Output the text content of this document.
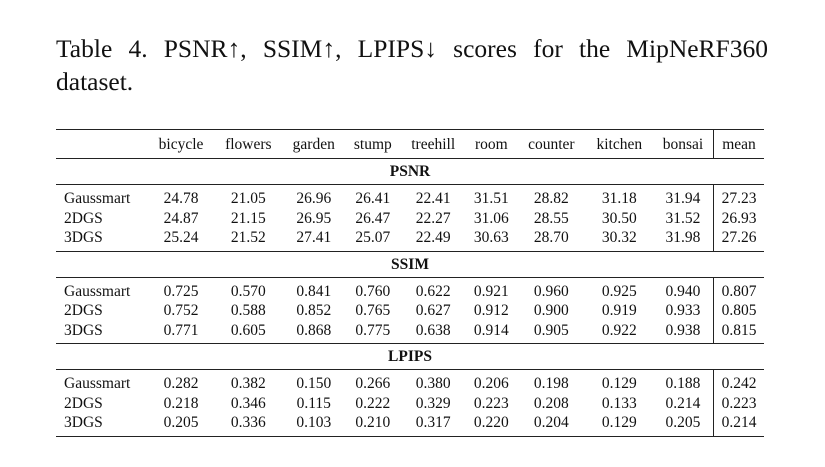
Table 4. PSNR↑, SSIM↑, LPIPS↓ scores for the MipNeRF360 dataset.

	bicycle	flowers	garden	stump	treehill	room	counter	kitchen	bonsai	mean
PSNR										
Gaussmart	24.78	21.05	26.96	26.41	22.41	31.51	28.82	31.18	31.94	27.23
2DGS	24.87	21.15	26.95	26.47	22.27	31.06	28.55	30.50	31.52	26.93
3DGS	25.24	21.52	27.41	25.07	22.49	30.63	28.70	30.32	31.98	27.26
SSIM										
Gaussmart	0.725	0.570	0.841	0.760	0.622	0.921	0.960	0.925	0.940	0.807
2DGS	0.752	0.588	0.852	0.765	0.627	0.912	0.900	0.919	0.933	0.805
3DGS	0.771	0.605	0.868	0.775	0.638	0.914	0.905	0.922	0.938	0.815
LPIPS										
Gaussmart	0.282	0.382	0.150	0.266	0.380	0.206	0.198	0.129	0.188	0.242
2DGS	0.218	0.346	0.115	0.222	0.329	0.223	0.208	0.133	0.214	0.223
3DGS	0.205	0.336	0.103	0.210	0.317	0.220	0.204	0.129	0.205	0.214
